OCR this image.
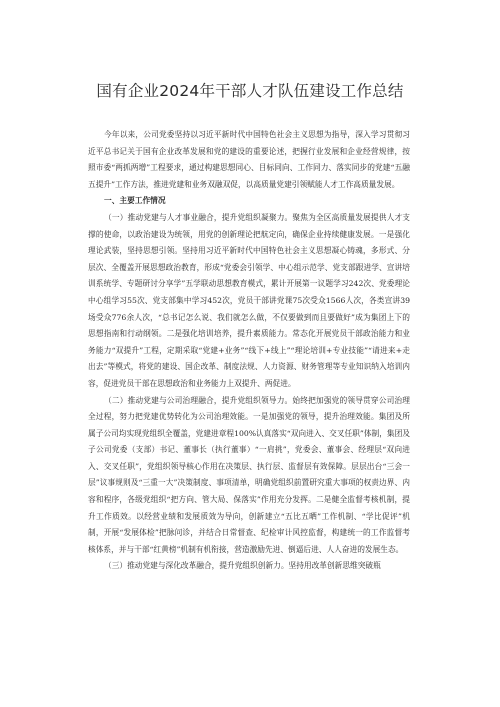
国有企业2024年干部人才队伍建设工作总结

今年以来，公司党委坚持以习近平新时代中国特色社会主义思想为指导，深入学习贯彻习近平总书记关于国有企业改革发展和党的建设的重要论述，把握行业发展和企业经营规律，按照市委“两抓两增”工程要求，通过构建思想同心、目标同向、工作同力、落实同步的党建“五融五提升”工作方法，推进党建和业务双融双促，以高质量党建引领赋能人才工作高质量发展。

一、主要工作情况

（一）推动党建与人才事业融合，提升党组织凝聚力。聚焦为全区高质量发展提供人才支撑的使命，以政治建设为统领，用党的创新理论把航定向，确保企业持续健康发展。一是强化理论武装，坚持思想引领。坚持用习近平新时代中国特色社会主义思想凝心铸魂，多形式、分层次、全覆盖开展思想政治教育，形成“党委会引领学、中心组示范学、党支部跟进学、宣讲培训系统学、专题研讨分享学”五学联动思想教育模式，累计开展第一议题学习242次、党委理论中心组学习55次、党支部集中学习452次，党员干部讲党课75次受众1566人次，各类宣讲39场受众776余人次，“总书记怎么说、我们就怎么做，不仅要做到而且要做好”成为集团上下的思想指南和行动纲领。二是强化培训培养，提升素质能力。常态化开展党员干部政治能力和业务能力“双提升”工程，定期采取“党建+业务”“线下+线上”“理论培训+专业技能”“请进来+走出去”等模式，将党的建设、国企改革、制度法规、人力资源、财务管理等专业知识纳入培训内容，促进党员干部在思想政治和业务能力上双提升、两促进。

（二）推动党建与公司治理融合，提升党组织领导力。始终把加强党的领导贯穿公司治理全过程，努力把党建优势转化为公司治理效能。一是加强党的领导，提升治理效能。集团及所属子公司均实现党组织全覆盖，党建进章程100%认真落实“双向进入、交叉任职”体制，集团及子公司党委（支部）书记、董事长（执行董事）“一肩挑”，党委会、董事会、经理层“双向进入、交叉任职”，党组织领导核心作用在决策层、执行层、监督层有效保障。层层出台“三会一层”议事规则及“三重一大”决策制度、事项清单，明确党组织前置研究重大事项的权责边界、内容和程序，各级党组织“把方向、管大局、保落实”作用充分发挥。二是健全监督考核机制，提升工作质效。以经营业绩和发展质效为导向，创新建立“五比五晒”工作机制、“学比促评”机制，开展“发展体检”把脉问诊，并结合日常督查、纪检审计风控监督，构建统一的工作监督考核体系，并与干部“红黄榜”机制有机衔接，营造激励先进、倒逼后进、人人奋进的发展生态。

（三）推动党建与深化改革融合，提升党组织创新力。坚持用改革创新思维突破瓶
